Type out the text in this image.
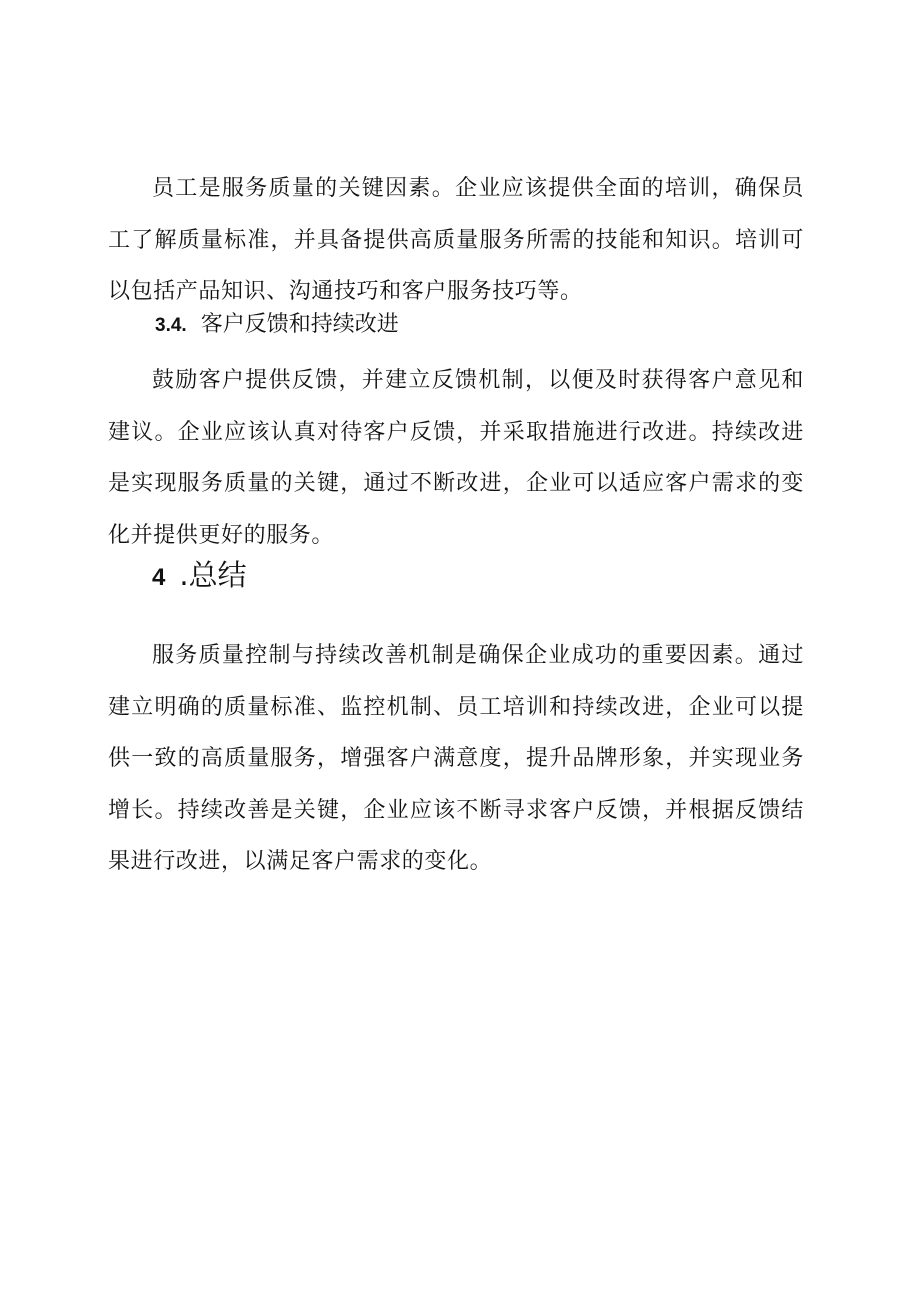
员工是服务质量的关键因素。企业应该提供全面的培训，确保员工了解质量标准，并具备提供高质量服务所需的技能和知识。培训可以包括产品知识、沟通技巧和客户服务技巧等。

3.4. 客户反馈和持续改进

鼓励客户提供反馈，并建立反馈机制，以便及时获得客户意见和建议。企业应该认真对待客户反馈，并采取措施进行改进。持续改进是实现服务质量的关键，通过不断改进，企业可以适应客户需求的变化并提供更好的服务。

4 .总结

服务质量控制与持续改善机制是确保企业成功的重要因素。通过建立明确的质量标准、监控机制、员工培训和持续改进，企业可以提供一致的高质量服务，增强客户满意度，提升品牌形象，并实现业务增长。持续改善是关键，企业应该不断寻求客户反馈，并根据反馈结果进行改进，以满足客户需求的变化。
